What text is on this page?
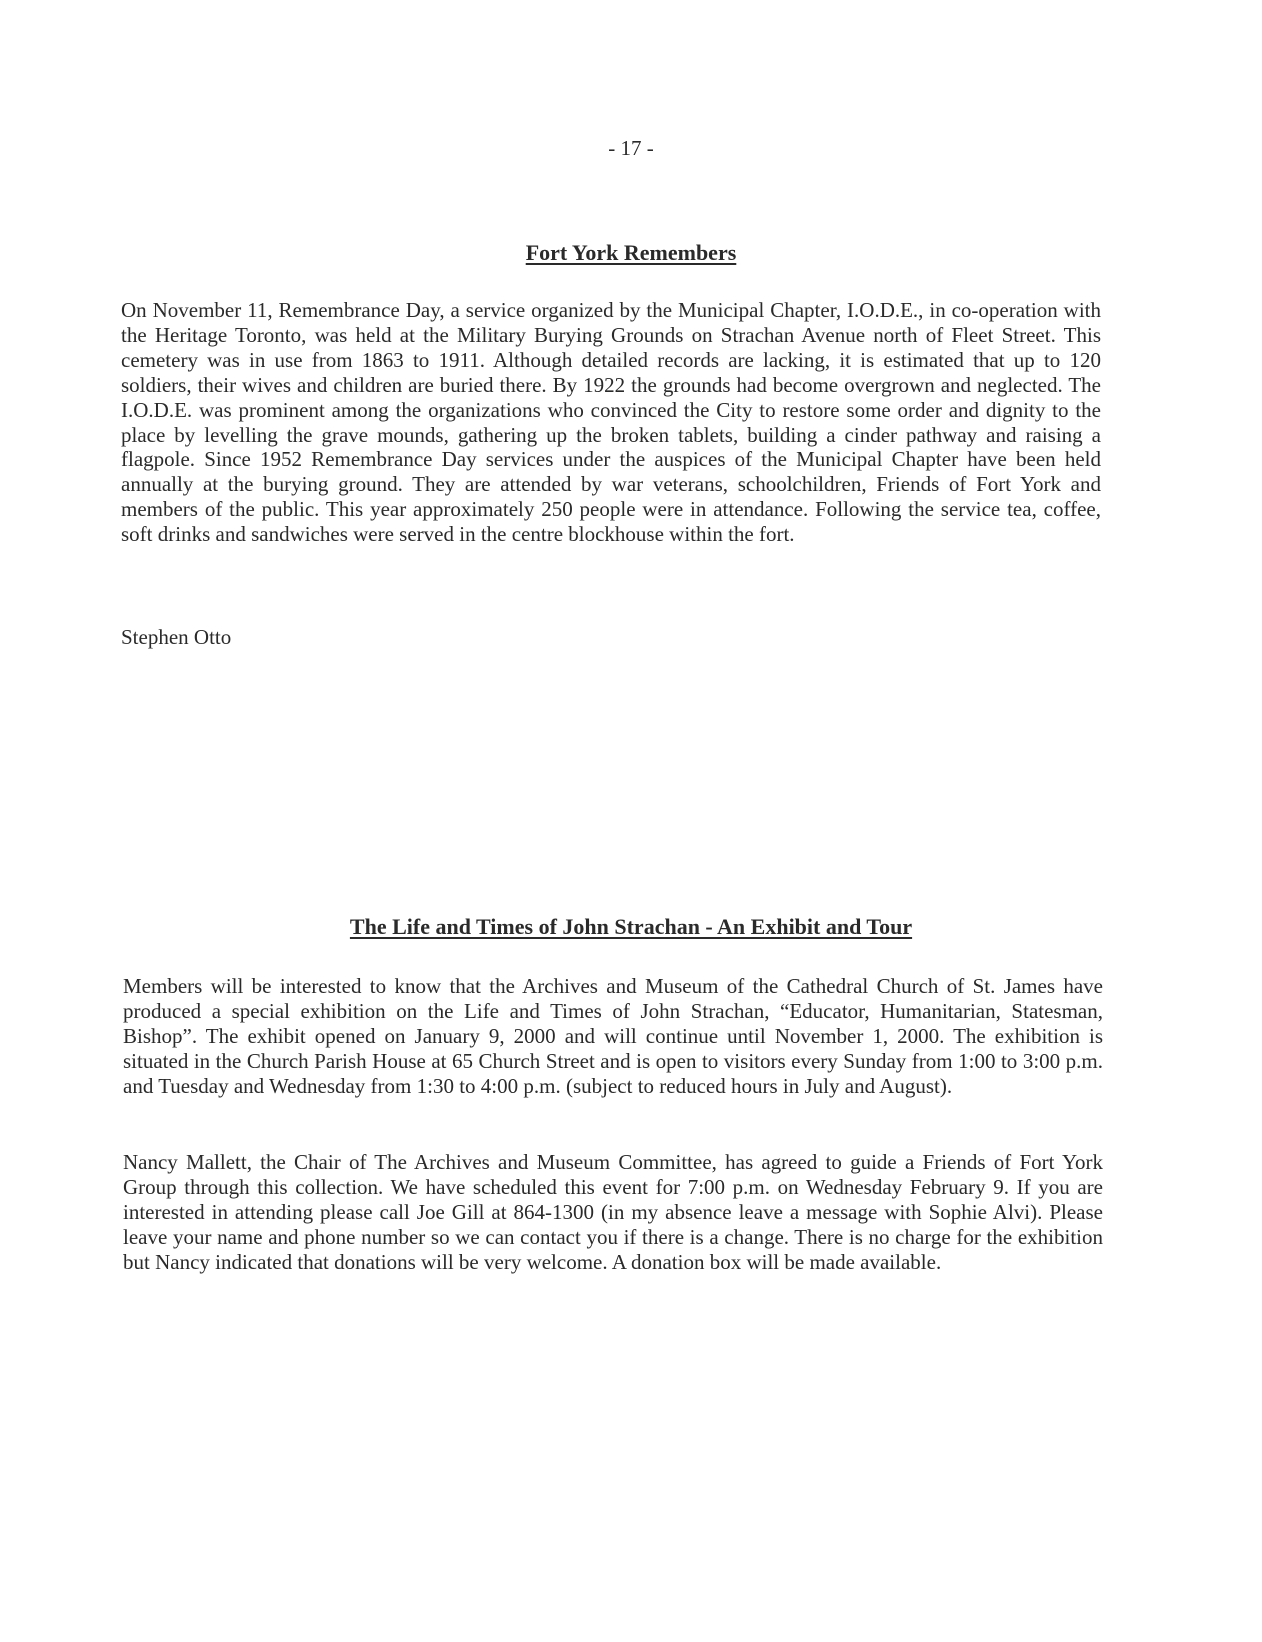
- 17 -
Fort York Remembers

On November 11, Remembrance Day, a service organized by the Municipal Chapter, I.O.D.E., in co-operation with the Heritage Toronto, was held at the Military Burying Grounds on Strachan Avenue north of Fleet Street. This cemetery was in use from 1863 to 1911. Although detailed records are lacking, it is estimated that up to 120 soldiers, their wives and children are buried there. By 1922 the grounds had become overgrown and neglected. The I.O.D.E. was prominent among the organizations who convinced the City to restore some order and dignity to the place by levelling the grave mounds, gathering up the broken tablets, building a cinder pathway and raising a flagpole. Since 1952 Remembrance Day services under the auspices of the Municipal Chapter have been held annually at the burying ground. They are attended by war veterans, schoolchildren, Friends of Fort York and members of the public. This year approximately 250 people were in attendance. Following the service tea, coffee, soft drinks and sandwiches were served in the centre blockhouse within the fort.

Stephen Otto

The Life and Times of John Strachan - An Exhibit and Tour

Members will be interested to know that the Archives and Museum of the Cathedral Church of St. James have produced a special exhibition on the Life and Times of John Strachan, “Educator, Humanitarian, Statesman, Bishop”. The exhibit opened on January 9, 2000 and will continue until November 1, 2000. The exhibition is situated in the Church Parish House at 65 Church Street and is open to visitors every Sunday from 1:00 to 3:00 p.m. and Tuesday and Wednesday from 1:30 to 4:00 p.m. (subject to reduced hours in July and August).

Nancy Mallett, the Chair of The Archives and Museum Committee, has agreed to guide a Friends of Fort York Group through this collection. We have scheduled this event for 7:00 p.m. on Wednesday February 9. If you are interested in attending please call Joe Gill at 864-1300 (in my absence leave a message with Sophie Alvi). Please leave your name and phone number so we can contact you if there is a change. There is no charge for the exhibition but Nancy indicated that donations will be very welcome. A donation box will be made available.
